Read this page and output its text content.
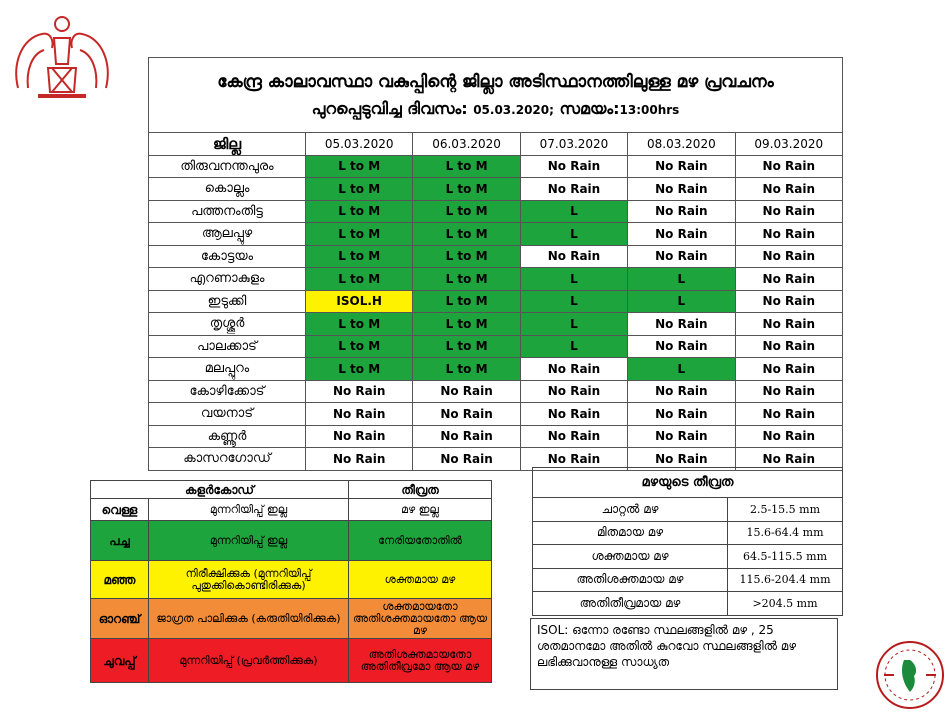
കേന്ദ്ര കാലാവസ്ഥാ വകുപ്പിന്റെ ജില്ലാ അടിസ്ഥാനത്തിലുള്ള മഴ പ്രവചനം
പുറപ്പെടുവിച്ച ദിവസം: 05.03.2020; സമയം:13:00hrs
ജില്ല	05.03.2020	06.03.2020	07.03.2020	08.03.2020	09.03.2020
തിരുവനന്തപുരം	L to M	L to M	No Rain	No Rain	No Rain
കൊല്ലം	L to M	L to M	No Rain	No Rain	No Rain
പത്തനംതിട്ട	L to M	L to M	L	No Rain	No Rain
ആലപ്പുഴ	L to M	L to M	L	No Rain	No Rain
കോട്ടയം	L to M	L to M	No Rain	No Rain	No Rain
എറണാകുളം	L to M	L to M	L	L	No Rain
ഇടുക്കി	ISOL.H	L to M	L	L	No Rain
തൃശ്ശൂർ	L to M	L to M	L	No Rain	No Rain
പാലക്കാട്	L to M	L to M	L	No Rain	No Rain
മലപ്പുറം	L to M	L to M	No Rain	L	No Rain
കോഴിക്കോട്	No Rain	No Rain	No Rain	No Rain	No Rain
വയനാട്	No Rain	No Rain	No Rain	No Rain	No Rain
കണ്ണൂർ	No Rain	No Rain	No Rain	No Rain	No Rain
കാസറഗോഡ്	No Rain	No Rain	No Rain	No Rain	No Rain
കളർകോഡ്		തീവ്രത
വെള്ള	മുന്നറിയിപ്പ് ഇല്ല	മഴ ഇല്ല
പച്ച	മുന്നറിയിപ്പ് ഇല്ല	നേരിയതോതിൽ
മഞ്ഞ	നിരീക്ഷിക്കുക (മുന്നറിയിപ്പ് പുതുക്കികൊണ്ടിരിക്കുക)	ശക്തമായ മഴ
ഓറഞ്ച്	ജാഗ്രത പാലിക്കുക (കരുതിയിരിക്കുക)	ശക്തമായതോ അതിശക്തമായതോ ആയ മഴ
ചുവപ്പ്	മുന്നറിയിപ്പ് (പ്രവർത്തിക്കുക)	അതിശക്തമായതോ അതിതീവ്രമോ ആയ മഴ
മഴയുടെ തീവ്രത	
ചാറ്റൽ മഴ	2.5-15.5 mm
മിതമായ മഴ	15.6-64.4 mm
ശക്തമായ മഴ	64.5-115.5 mm
അതിശക്തമായ മഴ	115.6-204.4 mm
അതിതീവ്രമായ മഴ	>204.5 mm
ISOL: ഒന്നോ രണ്ടോ സ്ഥലങ്ങളിൽ മഴ , 25 ശതമാനമോ അതിൽ കുറവോ സ്ഥലങ്ങളിൽ മഴ ലഭിക്കുവാനുള്ള സാധ്യത
